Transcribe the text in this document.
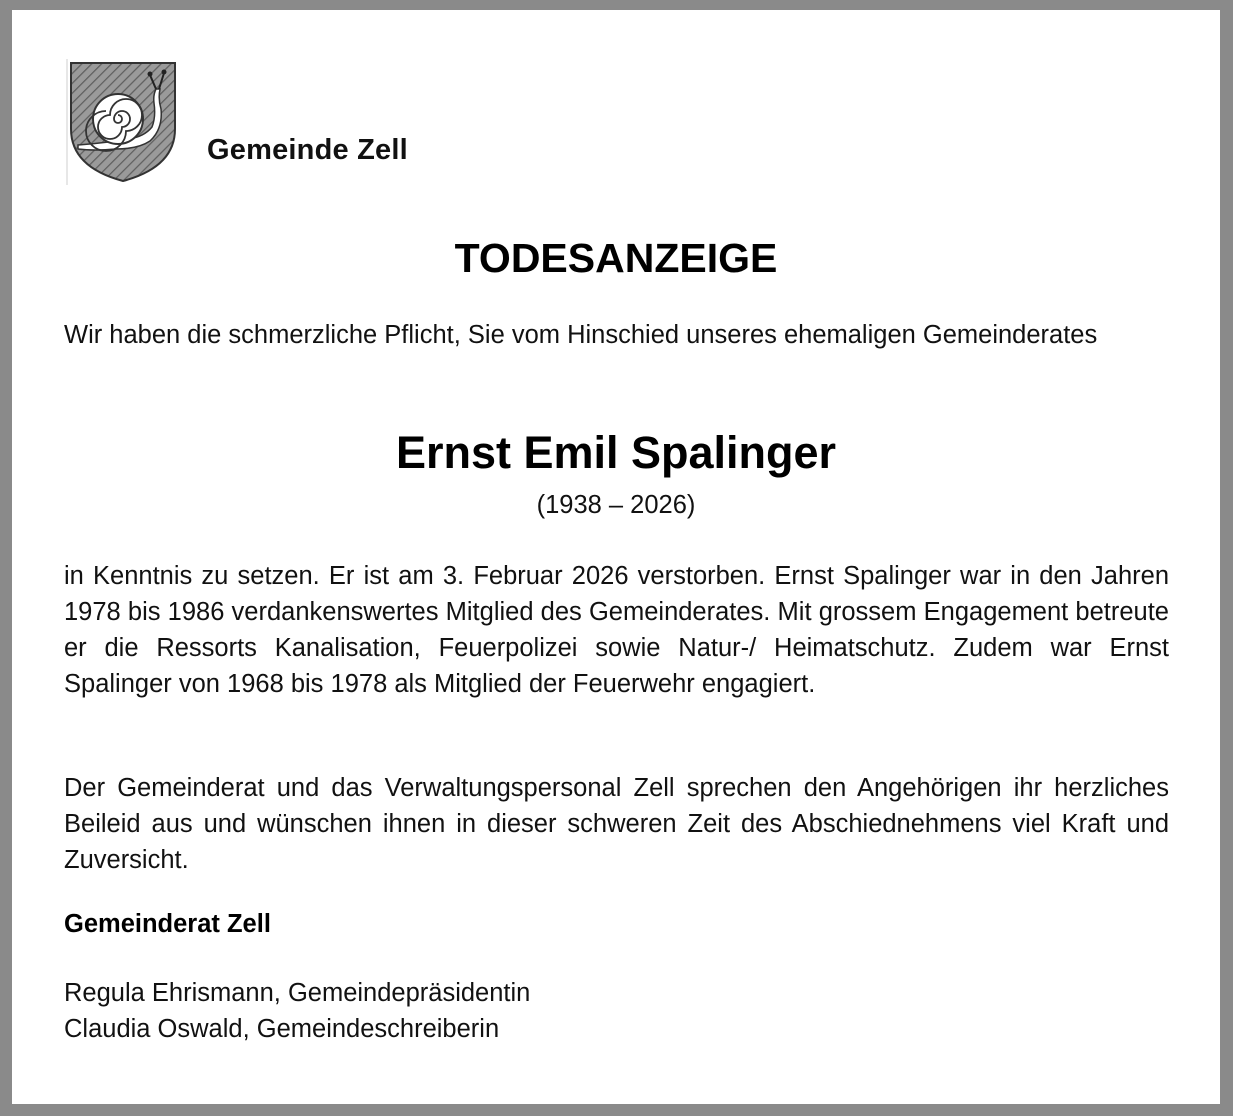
Gemeinde Zell
TODESANZEIGE

Wir haben die schmerzliche Pflicht, Sie vom Hinschied unseres ehemaligen Gemeinderates

Ernst Emil Spalinger
(1938 – 2026)

in Kenntnis zu setzen. Er ist am 3. Februar 2026 verstorben. Ernst Spalinger war in den Jahren 1978 bis 1986 verdankenswertes Mitglied des Gemeinderates. Mit grossem Engagement betreute er die Ressorts Kanalisation, Feuerpolizei sowie Natur-/ Heimatschutz. Zudem war Ernst Spalinger von 1968 bis 1978 als Mitglied der Feuerwehr engagiert.

Der Gemeinderat und das Verwaltungspersonal Zell sprechen den Angehörigen ihr herzliches Beileid aus und wünschen ihnen in dieser schweren Zeit des Abschiednehmens viel Kraft und Zuversicht.

Gemeinderat Zell
Regula Ehrismann, Gemeindepräsidentin
Claudia Oswald, Gemeindeschreiberin
